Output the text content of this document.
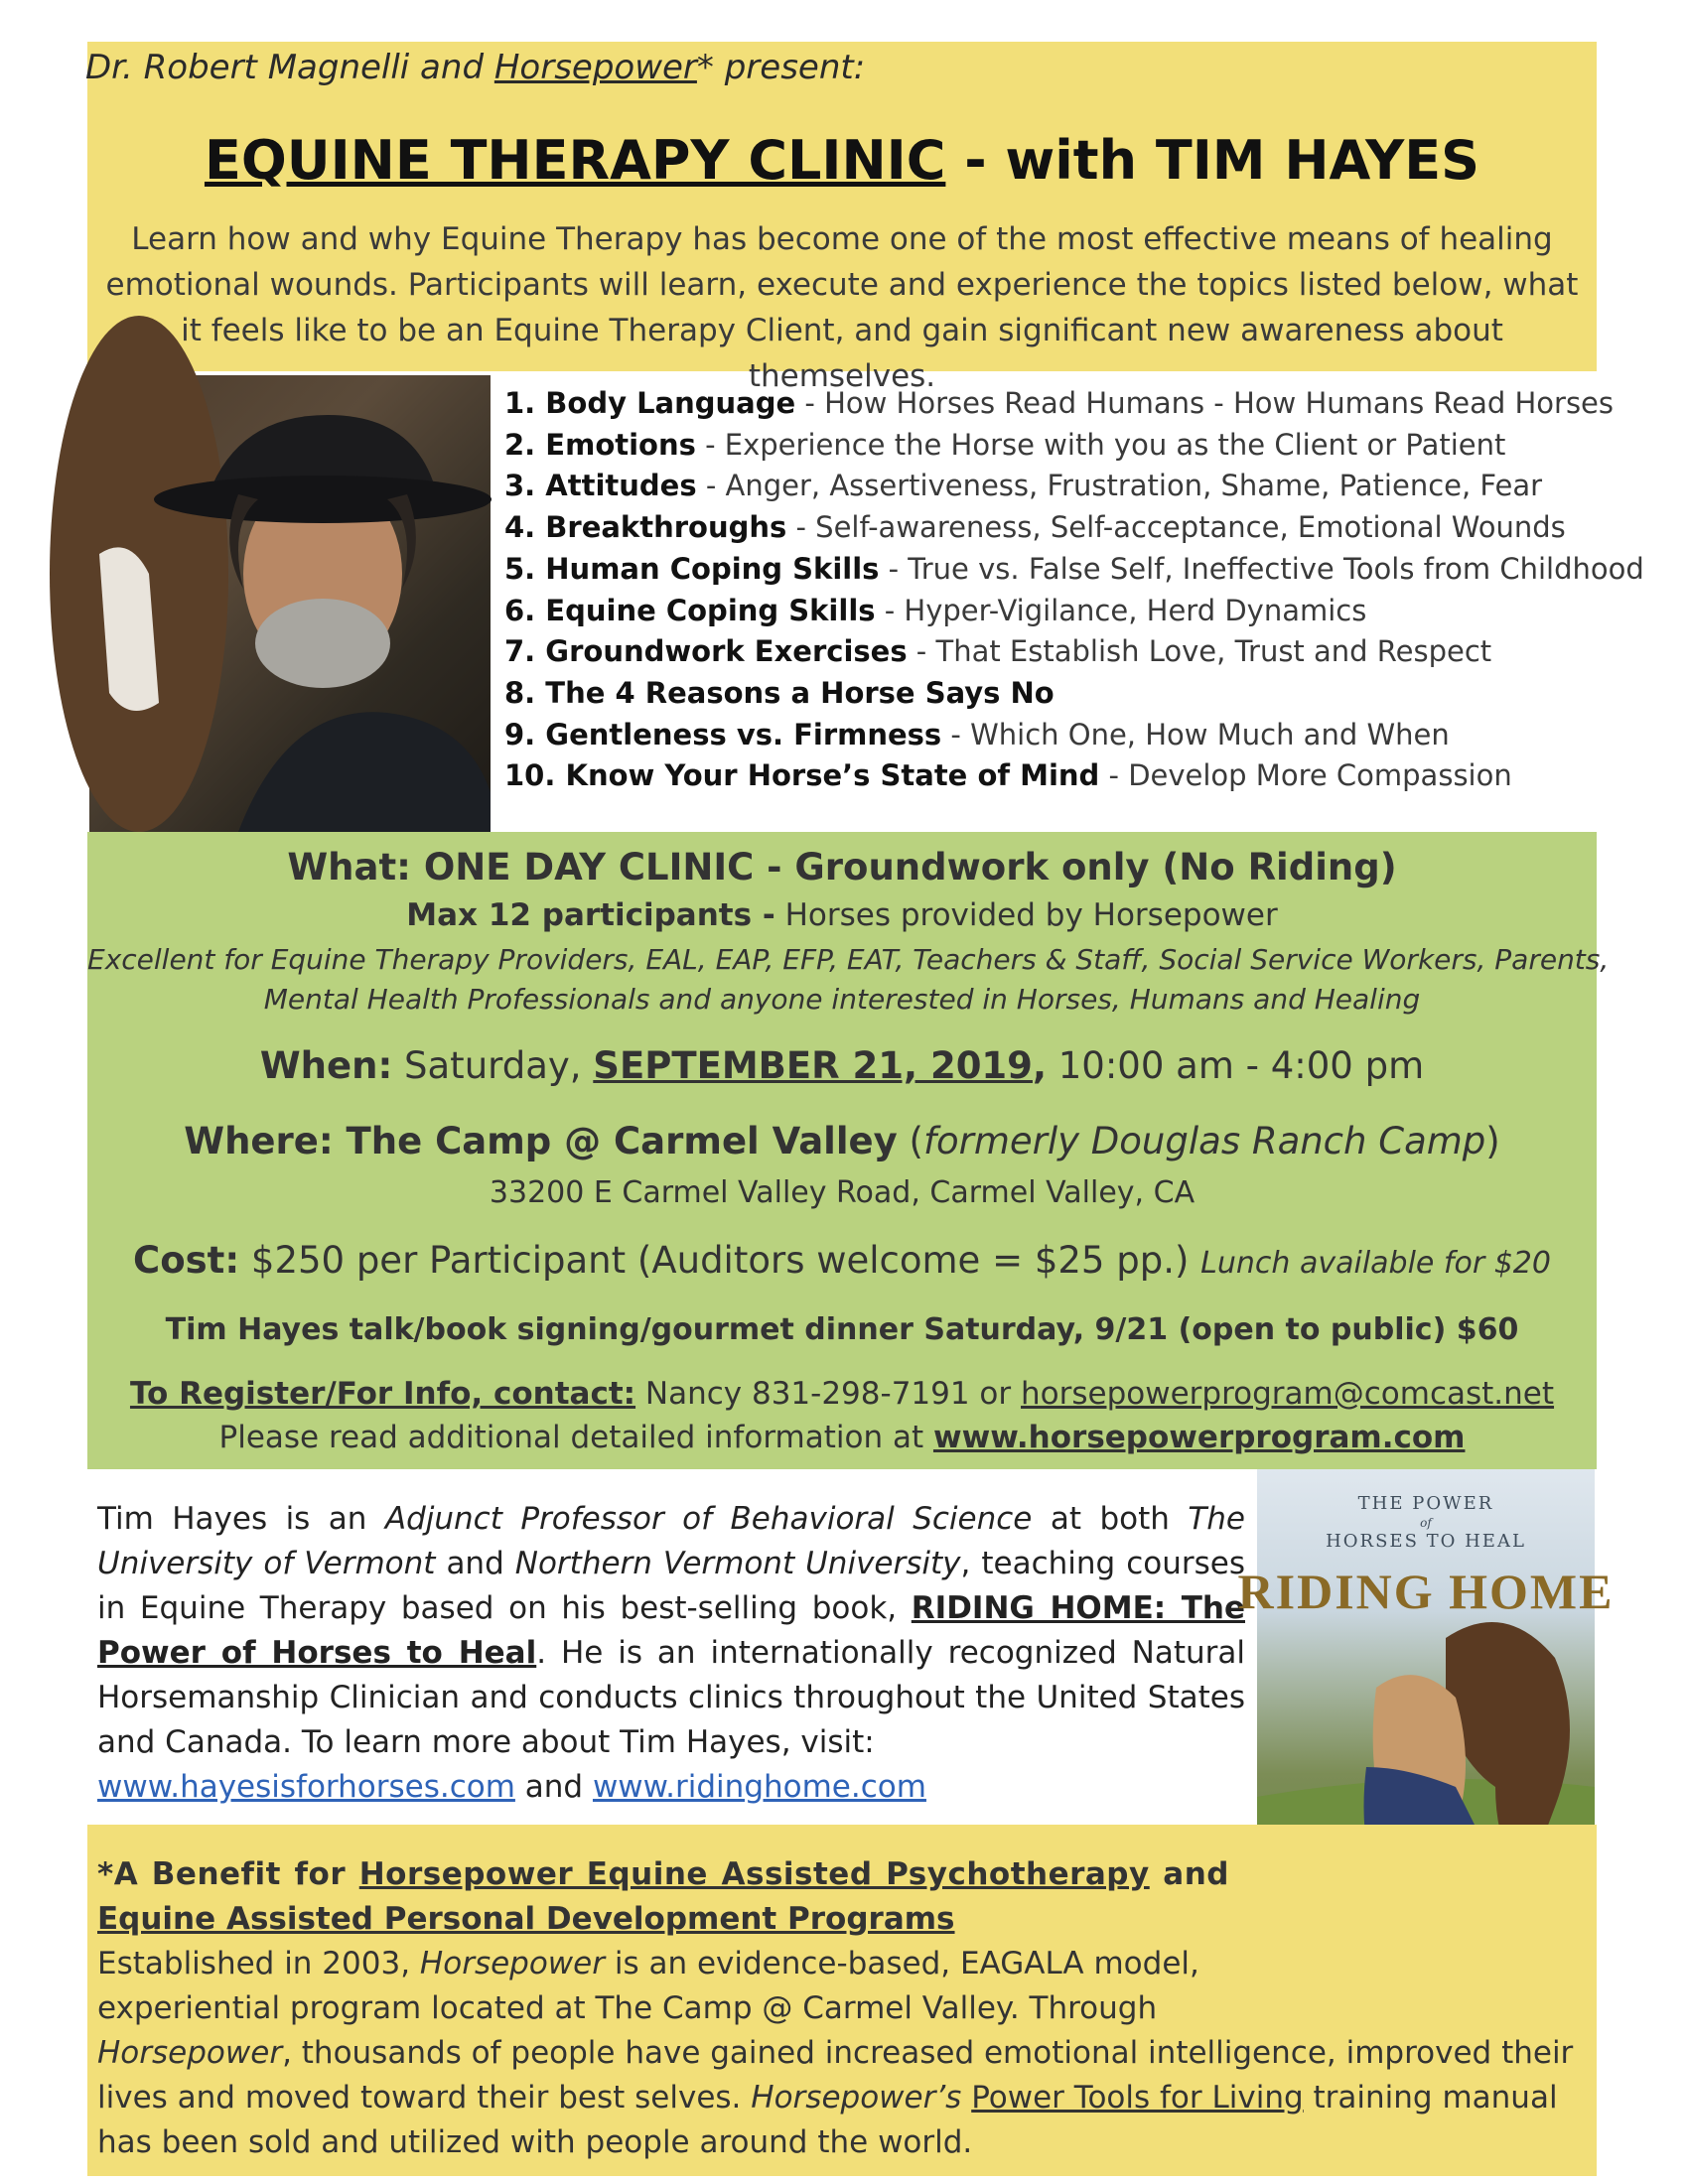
Dr. Robert Magnelli and Horsepower* present:
EQUINE THERAPY CLINIC - with TIM HAYES
Learn how and why Equine Therapy has become one of the most effective means of healing emotional wounds. Participants will learn, execute and experience the topics listed below, what it feels like to be an Equine Therapy Client, and gain significant new awareness about themselves.
1. Body Language - How Horses Read Humans - How Humans Read Horses
2. Emotions - Experience the Horse with you as the Client or Patient
3. Attitudes - Anger, Assertiveness, Frustration, Shame, Patience, Fear
4. Breakthroughs - Self-awareness, Self-acceptance, Emotional Wounds
5. Human Coping Skills - True vs. False Self, Ineffective Tools from Childhood
6. Equine Coping Skills - Hyper-Vigilance, Herd Dynamics
7. Groundwork Exercises - That Establish Love, Trust and Respect
8. The 4 Reasons a Horse Says No
9. Gentleness vs. Firmness - Which One, How Much and When
10. Know Your Horse’s State of Mind - Develop More Compassion
What: ONE DAY CLINIC - Groundwork only (No Riding)
Max 12 participants - Horses provided by Horsepower
Excellent for Equine Therapy Providers, EAL, EAP, EFP, EAT, Teachers & Staff, Social Service Workers, Parents,
Mental Health Professionals and anyone interested in Horses, Humans and Healing
When: Saturday, SEPTEMBER 21, 2019, 10:00 am - 4:00 pm
Where: The Camp @ Carmel Valley (formerly Douglas Ranch Camp)
33200 E Carmel Valley Road, Carmel Valley, CA
Cost: $250 per Participant (Auditors welcome = $25 pp.) Lunch available for $20
Tim Hayes talk/book signing/gourmet dinner Saturday, 9/21 (open to public) $60
To Register/For Info, contact: Nancy 831-298-7191 or horsepowerprogram@comcast.net
Please read additional detailed information at www.horsepowerprogram.com
Tim Hayes is an Adjunct Professor of Behavioral Science at both The University of Vermont and Northern Vermont University, teaching courses in Equine Therapy based on his best-selling book, RIDING HOME: The Power of Horses to Heal. He is an internationally recognized Natural Horsemanship Clinician and conducts clinics throughout the United States and Canada. To learn more about Tim Hayes, visit:
www.hayesisforhorses.com and www.ridinghome.com
THE POWER
of
HORSES TO HEAL
RIDING HOME
*A Benefit for Horsepower Equine Assisted Psychotherapy and
Equine Assisted Personal Development Programs
Established in 2003, Horsepower is an evidence-based, EAGALA model, experiential program located at The Camp @ Carmel Valley. Through
Horsepower, thousands of people have gained increased emotional intelligence, improved their lives and moved toward their best selves. Horsepower’s Power Tools for Living training manual has been sold and utilized with people around the world.
